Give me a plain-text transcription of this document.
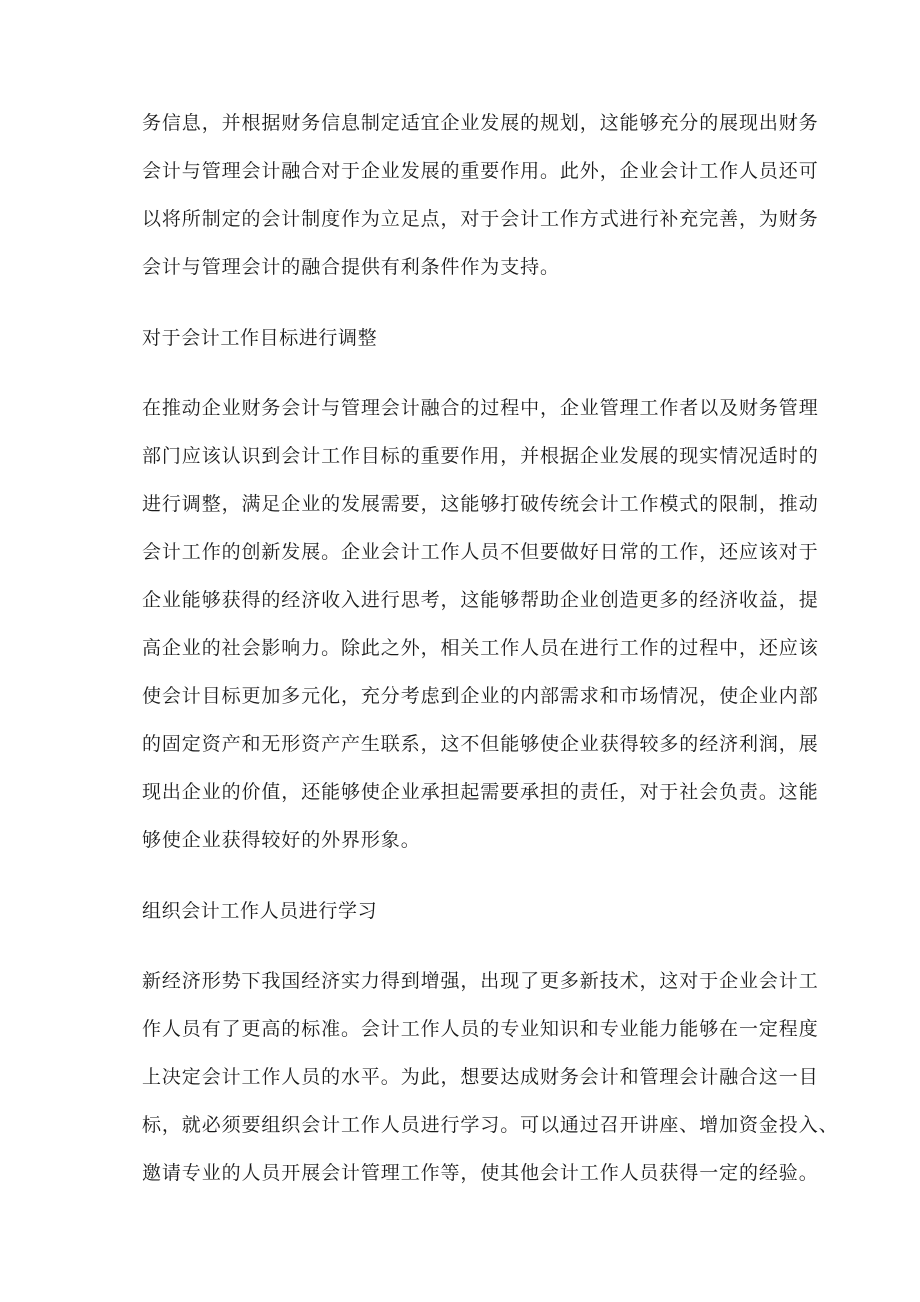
务信息，并根据财务信息制定适宜企业发展的规划，这能够充分的展现出财务
会计与管理会计融合对于企业发展的重要作用。此外，企业会计工作人员还可
以将所制定的会计制度作为立足点，对于会计工作方式进行补充完善，为财务
会计与管理会计的融合提供有利条件作为支持。
对于会计工作目标进行调整
在推动企业财务会计与管理会计融合的过程中，企业管理工作者以及财务管理
部门应该认识到会计工作目标的重要作用，并根据企业发展的现实情况适时的
进行调整，满足企业的发展需要，这能够打破传统会计工作模式的限制，推动
会计工作的创新发展。企业会计工作人员不但要做好日常的工作，还应该对于
企业能够获得的经济收入进行思考，这能够帮助企业创造更多的经济收益，提
高企业的社会影响力。除此之外，相关工作人员在进行工作的过程中，还应该
使会计目标更加多元化，充分考虑到企业的内部需求和市场情况，使企业内部
的固定资产和无形资产产生联系，这不但能够使企业获得较多的经济利润，展
现出企业的价值，还能够使企业承担起需要承担的责任，对于社会负责。这能
够使企业获得较好的外界形象。
组织会计工作人员进行学习
新经济形势下我国经济实力得到增强，出现了更多新技术，这对于企业会计工
作人员有了更高的标准。会计工作人员的专业知识和专业能力能够在一定程度
上决定会计工作人员的水平。为此，想要达成财务会计和管理会计融合这一目
标，就必须要组织会计工作人员进行学习。可以通过召开讲座、增加资金投入、
邀请专业的人员开展会计管理工作等，使其他会计工作人员获得一定的经验。
